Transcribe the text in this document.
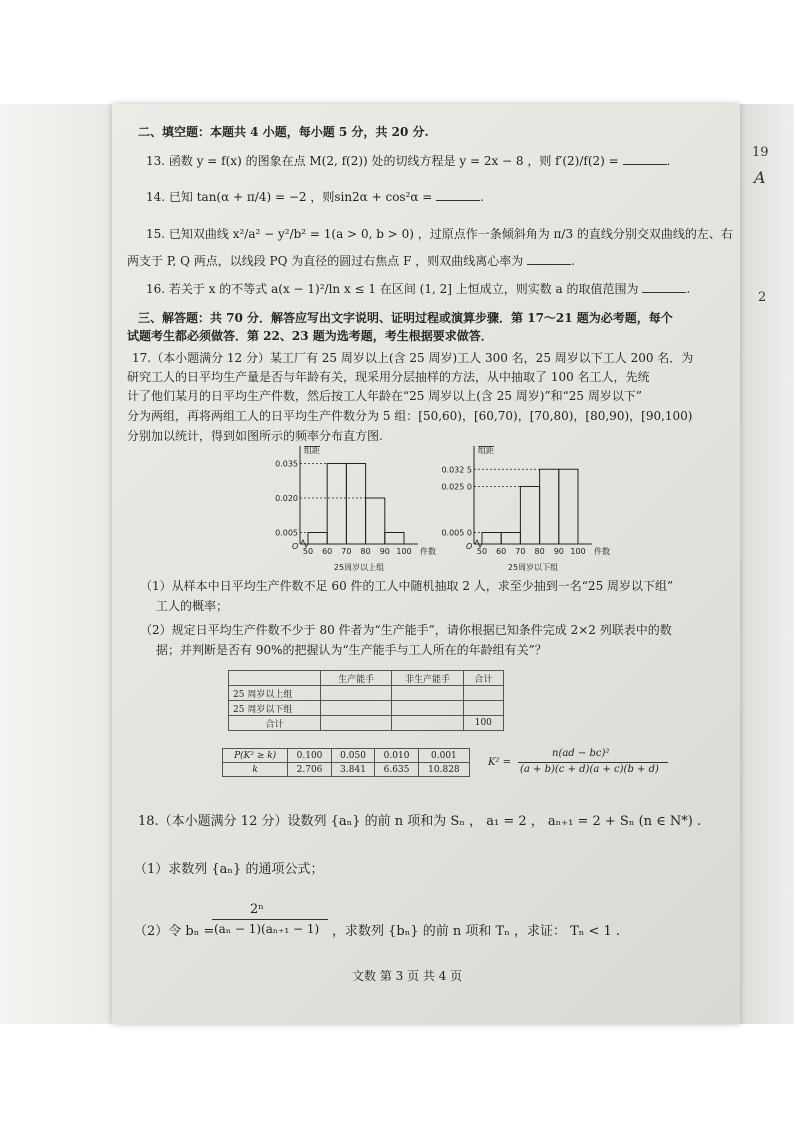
二、填空题：本题共 4 小题，每小题 5 分，共 20 分.
13. 函数 y = f(x) 的图象在点 M(2, f(2)) 处的切线方程是 y = 2x − 8 ，则 f′(2)/f(2) =	.
14. 已知 tan(α + π/4) = −2 ，则sin2α + cos²α =	.
15. 已知双曲线 x²/a² − y²/b² = 1(a > 0, b > 0) ，过原点作一条倾斜角为 π/3 的直线分别交双曲线的左、右
两支于 P, Q 两点，以线段 PQ 为直径的圆过右焦点 F ，则双曲线离心率为	.
16. 若关于 x 的不等式 a(x − 1)²/ln x ≤ 1 在区间 (1, 2] 上恒成立，则实数 a 的取值范围为	.
三、解答题：共 70 分．解答应写出文字说明、证明过程或演算步骤．第 17～21 题为必考题，每个
试题考生都必须做答．第 22、23 题为选考题，考生根据要求做答．
17.（本小题满分 12 分）某工厂有 25 周岁以上(含 25 周岁)工人 300 名，25 周岁以下工人 200 名．为
研究工人的日平均生产量是否与年龄有关，现采用分层抽样的方法，从中抽取了 100 名工人，先统
计了他们某月的日平均生产件数，然后按工人年龄在“25 周岁以上(含 25 周岁)”和“25 周岁以下”
分为两组，再将两组工人的日平均生产件数分为 5 组：[50,60)，[60,70)，[70,80)，[80,90)，[90,100)
分别加以统计，得到如图所示的频率分布直方图.
0.035
0.020
0.005
50 60 70 80 90 100
O
件数
组距
25周岁以上组
0.032 5
0.025 0
0.005 0
50 60 70 80 90 100
O
件数
组距
25周岁以下组
（1）从样本中日平均生产件数不足 60 件的工人中随机抽取 2 人，求至少抽到一名“25 周岁以下组”
工人的概率；
（2）规定日平均生产件数不少于 80 件者为“生产能手”，请你根据已知条件完成 2×2 列联表中的数
据；并判断是否有 90%的把握认为“生产能手与工人所在的年龄组有关”？
	生产能手	非生产能手	合计
25 周岁以上组			
25 周岁以下组			
合计			100
P(K² ≥ k)	0.100	0.050	0.010	0.001
k	2.706	3.841	6.635	10.828
K² =
n(ad − bc)²
(a + b)(c + d)(a + c)(b + d)
18.（本小题满分 12 分）设数列 {aₙ} 的前 n 项和为 Sₙ ， a₁ = 2 ， aₙ₊₁ = 2 + Sₙ (n ∈ N*) .
（1）求数列 {aₙ} 的通项公式；
（2）令 bₙ =
2ⁿ
(aₙ − 1)(aₙ₊₁ − 1) ，求数列 {bₙ} 的前 n 项和 Tₙ ，求证： Tₙ < 1 .
文数 第 3 页 共 4 页
19
A
2
